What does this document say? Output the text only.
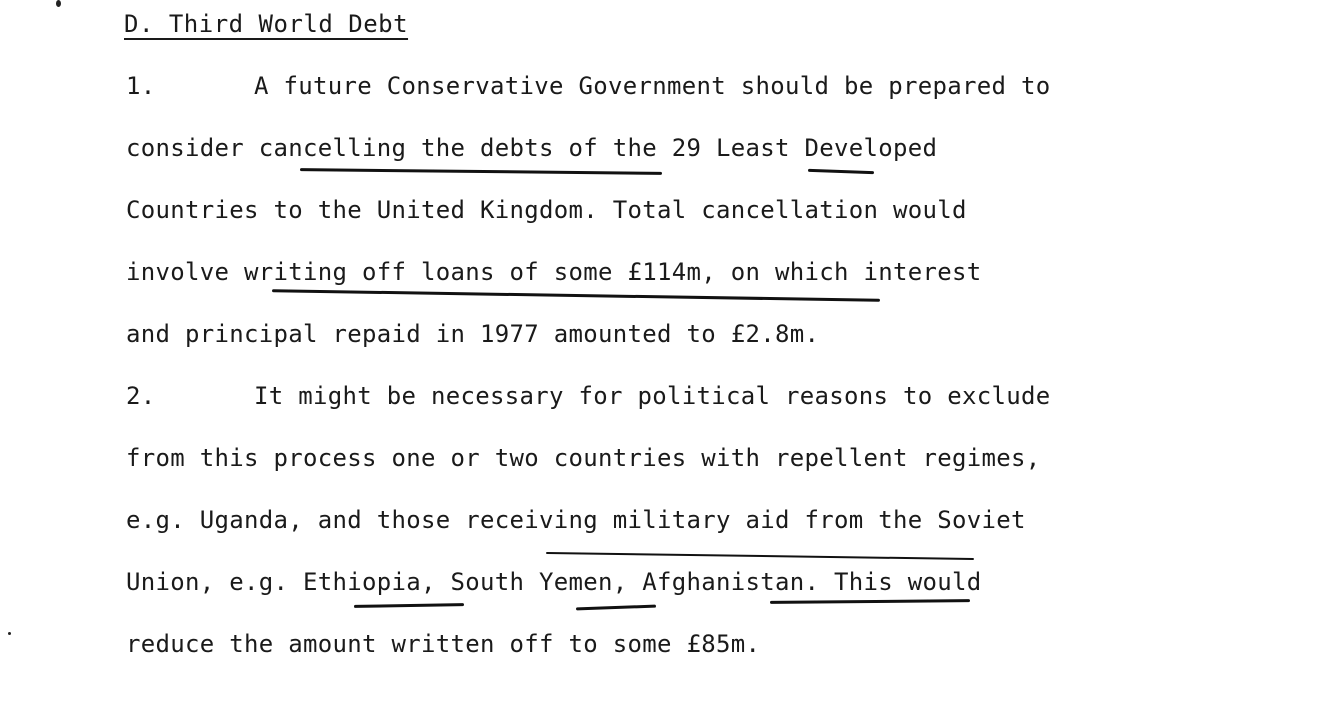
D. Third World Debt
1.	A future Conservative Government should be prepared to
consider cancelling the debts of the 29 Least Developed
Countries to the United Kingdom. Total cancellation would
involve writing off loans of some £114m, on which interest
and principal repaid in 1977 amounted to £2.8m.
2.	It might be necessary for political reasons to exclude
from this process one or two countries with repellent regimes,
e.g. Uganda, and those receiving military aid from the Soviet
Union, e.g. Ethiopia, South Yemen, Afghanistan. This would
reduce the amount written off to some £85m.
